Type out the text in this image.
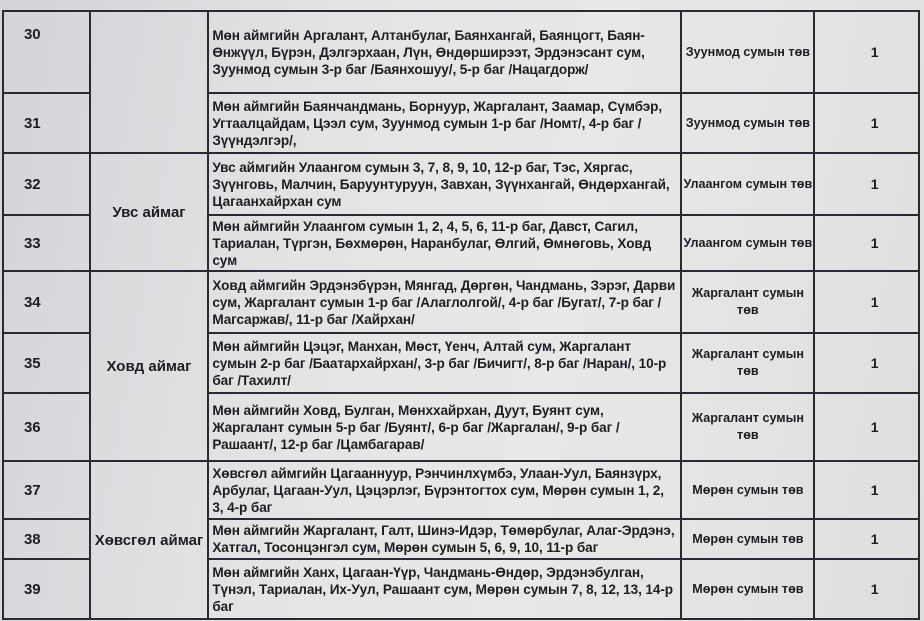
30		Мөн аймгийн Аргалант, Алтанбулаг, Баянхангай, Баянцогт, Баян-Өнжүүл, Бүрэн, Дэлгэрхаан, Лүн, Өндөрширээт, Эрдэнэсант сум, Зуунмод сумын 3-р баг /Баянхошуу/, 5-р баг /Нацагдорж/	Зуунмод сумын төв	1
31		Мөн аймгийн Баянчандмань, Борнуур, Жаргалант, Заамар, Сүмбэр, Угтаалцайдам, Цээл сум, Зуунмод сумын 1-р баг /Номт/, 4-р баг /Зүүндэлгэр/,	Зуунмод сумын төв	1
32	Увс аймаг	Увс аймгийн Улаангом сумын 3, 7, 8, 9, 10, 12-р баг, Тэс, Хяргас, Зүүнговь, Малчин, Баруунтуруун, Завхан, Зүүнхангай, Өндөрхангай, Цагаанхайрхан сум	Улаангом сумын төв	1
33		Мөн аймгийн Улаангом сумын 1, 2, 4, 5, 6, 11-р баг, Давст, Сагил, Тариалан, Түргэн, Бөхмөрөн, Наранбулаг, Өлгий, Өмнөговь, Ховд сум	Улаангом сумын төв	1
34	Ховд аймаг	Ховд аймгийн Эрдэнэбүрэн, Мянгад, Дөргөн, Чандмань, Зэрэг, Дарви сум, Жаргалант сумын 1-р баг /Алаглолгой/, 4-р баг /Бугат/, 7-р баг /Магсаржав/, 11-р баг /Хайрхан/	Жаргалант сумын төв	1
35		Мөн аймгийн Цэцэг, Манхан, Мөст, Үенч, Алтай сум, Жаргалант сумын 2-р баг /Баатархайрхан/, 3-р баг /Бичигт/, 8-р баг /Наран/, 10-р баг /Тахилт/	Жаргалант сумын төв	1
36		Мөн аймгийн Ховд, Булган, Мөнххайрхан, Дуут, Буянт сум, Жаргалант сумын 5-р баг /Буянт/, 6-р баг /Жаргалан/, 9-р баг /Рашаант/, 12-р баг /Цамбагарав/	Жаргалант сумын төв	1
37	Хөвсгөл аймаг	Хөвсгөл аймгийн Цагааннуур, Рэнчинлхүмбэ, Улаан-Уул, Баянзүрх, Арбулаг, Цагаан-Уул, Цэцэрлэг, Бүрэнтогтох сум, Мөрөн сумын 1, 2, 3, 4-р баг	Мөрөн сумын төв	1
38		Мөн аймгийн Жаргалант, Галт, Шинэ-Идэр, Төмөрбулаг, Алаг-Эрдэнэ, Хатгал, Тосонцэнгэл сум, Мөрөн сумын 5, 6, 9, 10, 11-р баг	Мөрөн сумын төв	1
39		Мөн аймгийн Ханх, Цагаан-Үүр, Чандмань-Өндөр, Эрдэнэбулган, Түнэл, Тариалан, Их-Уул, Рашаант сум, Мөрөн сумын 7, 8, 12, 13, 14-р баг	Мөрөн сумын төв	1
